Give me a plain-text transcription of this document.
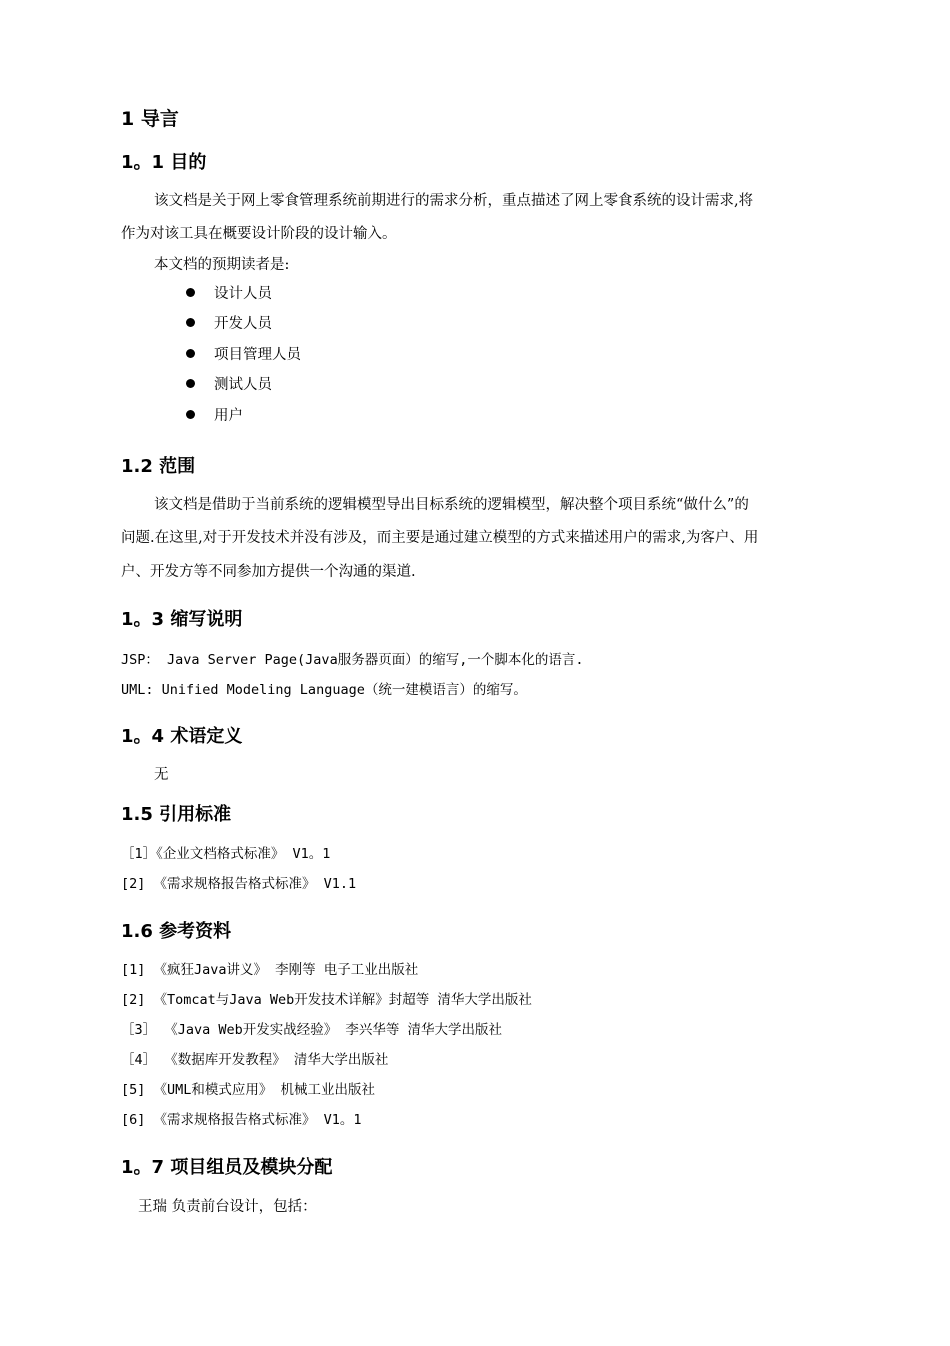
1 导言
1。1 目的
该文档是关于网上零食管理系统前期进行的需求分析，重点描述了网上零食系统的设计需求,将
作为对该工具在概要设计阶段的设计输入。
本文档的预期读者是:
设计人员
开发人员
项目管理人员
测试人员
用户
1.2 范围
该文档是借助于当前系统的逻辑模型导出目标系统的逻辑模型，解决整个项目系统“做什么”的
问题.在这里,对于开发技术并没有涉及，而主要是通过建立模型的方式来描述用户的需求,为客户、用
户、开发方等不同参加方提供一个沟通的渠道.
1。3 缩写说明
JSP： Java Server Page(Java服务器页面）的缩写,一个脚本化的语言.
UML: Unified Modeling Language（统一建模语言）的缩写。
1。4 术语定义
无
1.5 引用标准
［1］《企业文档格式标准》 V1。1
[2] 《需求规格报告格式标准》 V1.1
1.6 参考资料
[1] 《疯狂Java讲义》 李刚等 电子工业出版社
[2] 《Tomcat与Java Web开发技术详解》封超等 清华大学出版社
［3］ 《Java Web开发实战经验》 李兴华等 清华大学出版社
［4］ 《数据库开发教程》 清华大学出版社
[5] 《UML和模式应用》 机械工业出版社
[6] 《需求规格报告格式标准》 V1。1
1。7 项目组员及模块分配
王瑞 负责前台设计，包括：
